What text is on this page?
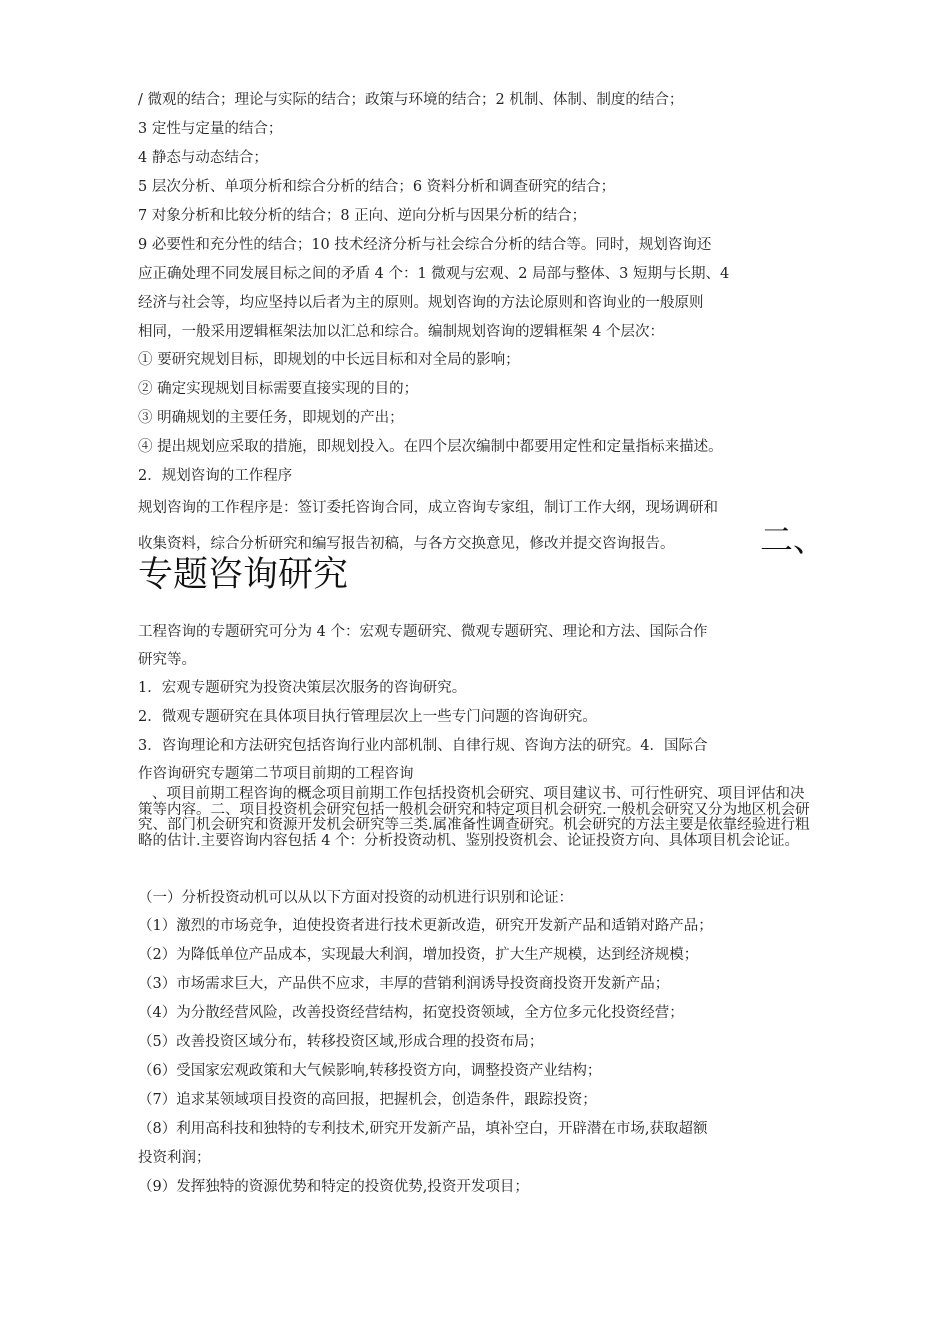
/ 微观的结合；理论与实际的结合；政策与环境的结合；2 机制、体制、制度的结合；
3 定性与定量的结合；
4 静态与动态结合；
5 层次分析、单项分析和综合分析的结合；6 资料分析和调查研究的结合；
7 对象分析和比较分析的结合；8 正向、逆向分析与因果分析的结合；
9 必要性和充分性的结合；10 技术经济分析与社会综合分析的结合等。同时，规划咨询还
应正确处理不同发展目标之间的矛盾 4 个：1 微观与宏观、2 局部与整体、3 短期与长期、4
经济与社会等，均应坚持以后者为主的原则。规划咨询的方法论原则和咨询业的一般原则
相同，一般采用逻辑框架法加以汇总和综合。编制规划咨询的逻辑框架 4 个层次：
① 要研究规划目标，即规划的中长远目标和对全局的影响；
② 确定实现规划目标需要直接实现的目的；
③ 明确规划的主要任务，即规划的产出；
④ 提出规划应采取的措施，即规划投入。在四个层次编制中都要用定性和定量指标来描述。
2．规划咨询的工作程序
规划咨询的工作程序是：签订委托咨询合同，成立咨询专家组，制订工作大纲，现场调研和
收集资料，综合分析研究和编写报告初稿，与各方交换意见，修改并提交咨询报告。	二、
专题咨询研究
工程咨询的专题研究可分为 4 个：宏观专题研究、微观专题研究、理论和方法、国际合作
研究等。
1．宏观专题研究为投资决策层次服务的咨询研究。
2．微观专题研究在具体项目执行管理层次上一些专门问题的咨询研究。
3．咨询理论和方法研究包括咨询行业内部机制、自律行规、咨询方法的研究。4．国际合
作咨询研究专题第二节项目前期的工程咨询
、项目前期工程咨询的概念项目前期工作包括投资机会研究、项目建议书、可行性研究、项目评估和决策等内容。二、项目投资机会研究包括一般机会研究和特定项目机会研究.一般机会研究又分为地区机会研究、部门机会研究和资源开发机会研究等三类.属准备性调查研究。机会研究的方法主要是依靠经验进行粗略的估计.主要咨询内容包括 4 个：分析投资动机、鉴别投资机会、论证投资方向、具体项目机会论证。
（一）分析投资动机可以从以下方面对投资的动机进行识别和论证：
（1）激烈的市场竞争，迫使投资者进行技术更新改造，研究开发新产品和适销对路产品；
（2）为降低单位产品成本，实现最大利润，增加投资，扩大生产规模，达到经济规模；
（3）市场需求巨大，产品供不应求，丰厚的营销利润诱导投资商投资开发新产品；
（4）为分散经营风险，改善投资经营结构，拓宽投资领域，全方位多元化投资经营；
（5）改善投资区域分布，转移投资区域,形成合理的投资布局；
（6）受国家宏观政策和大气候影响,转移投资方向，调整投资产业结构；
（7）追求某领域项目投资的高回报，把握机会，创造条件，跟踪投资；
（8）利用高科技和独特的专利技术,研究开发新产品，填补空白，开辟潜在市场,获取超额
投资利润；
（9）发挥独特的资源优势和特定的投资优势,投资开发项目；
